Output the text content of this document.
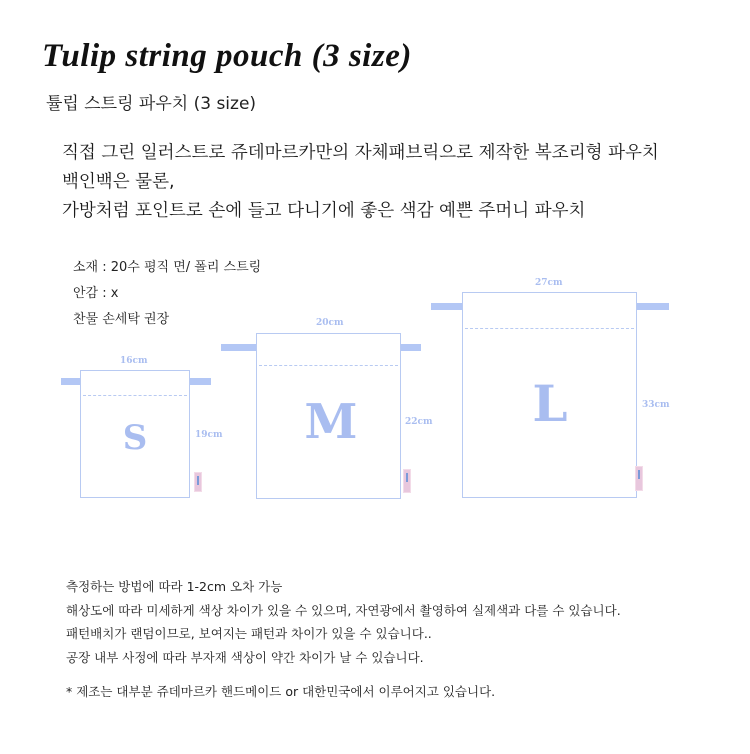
Tulip string pouch (3 size)
튤립 스트링 파우치 (3 size)
직접 그린 일러스트로 쥬데마르카만의 자체패브릭으로 제작한 복조리형 파우치
백인백은 물론,
가방처럼 포인트로 손에 들고 다니기에 좋은 색감 예쁜 주머니 파우치
소재 : 20수 평직 면/ 폴리 스트링
안감 : x
찬물 손세탁 권장
16cm
19cm
S
20cm
22cm
M
27cm
33cm
L
측정하는 방법에 따라 1-2cm 오차 가능
해상도에 따라 미세하게 색상 차이가 있을 수 있으며, 자연광에서 촬영하여 실제색과 다를 수 있습니다.
패턴배치가 랜덤이므로, 보여지는 패턴과 차이가 있을 수 있습니다..
공장 내부 사정에 따라 부자재 색상이 약간 차이가 날 수 있습니다.
* 제조는 대부분 쥬데마르카 핸드메이드 or 대한민국에서 이루어지고 있습니다.
